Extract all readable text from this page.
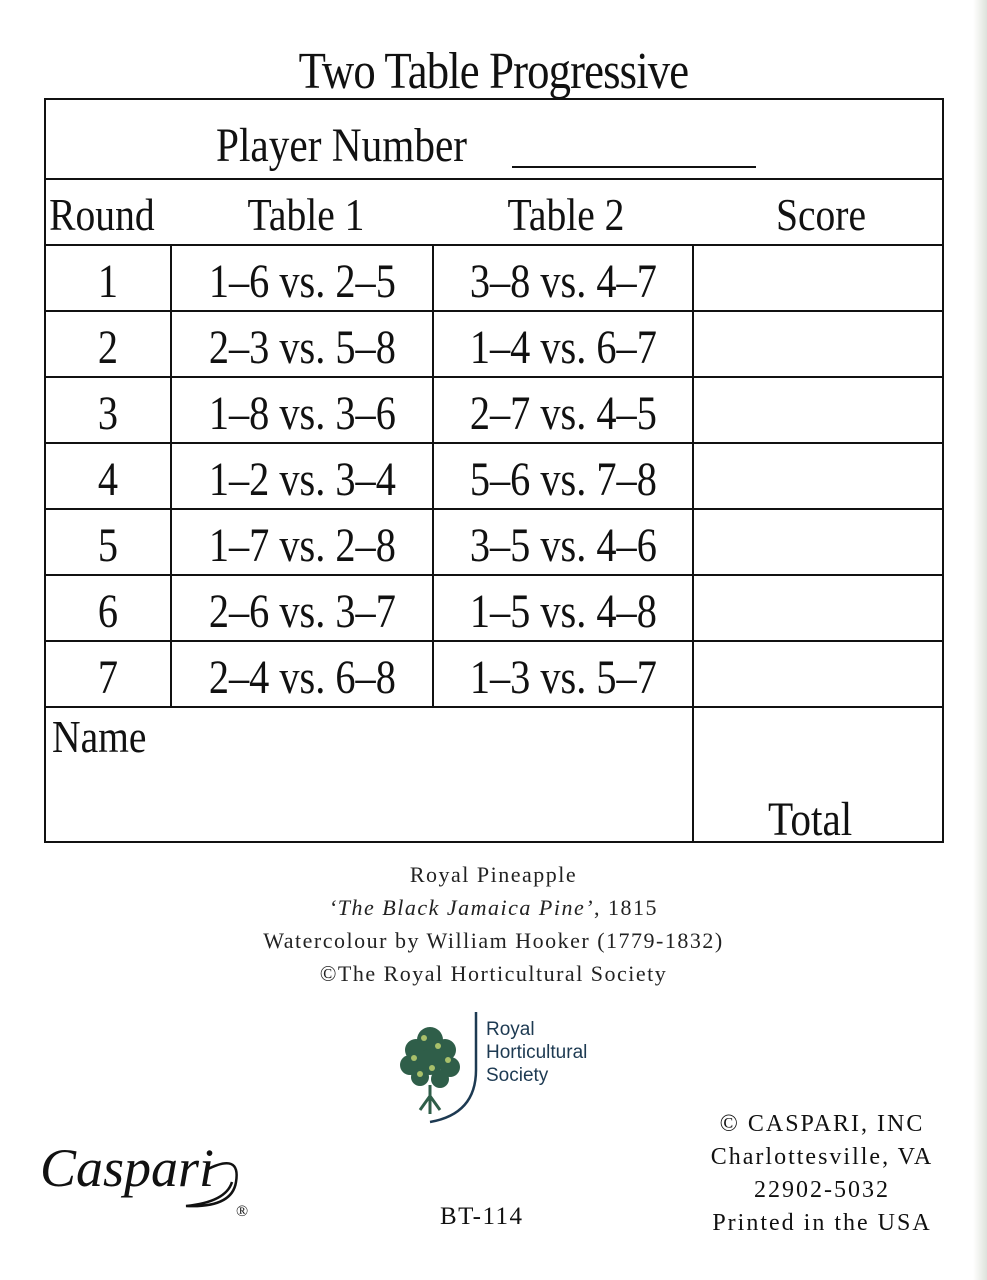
Two Table Progressive
Player Number
Round	Table 1	Table 2	Score
1	1–6 vs. 2–5	3–8 vs. 4–7
2	2–3 vs. 5–8	1–4 vs. 6–7
3	1–8 vs. 3–6	2–7 vs. 4–5
4	1–2 vs. 3–4	5–6 vs. 7–8
5	1–7 vs. 2–8	3–5 vs. 4–6
6	2–6 vs. 3–7	1–5 vs. 4–8
7	2–4 vs. 6–8	1–3 vs. 5–7
Name
Total
Royal Pineapple
‘The Black Jamaica Pine’, 1815
Watercolour by William Hooker (1779-1832)
©The Royal Horticultural Society
Royal
Horticultural
Society
Caspari
®	BT-114
© CASPARI, INC
Charlottesville, VA
22902-5032
Printed in the USA
